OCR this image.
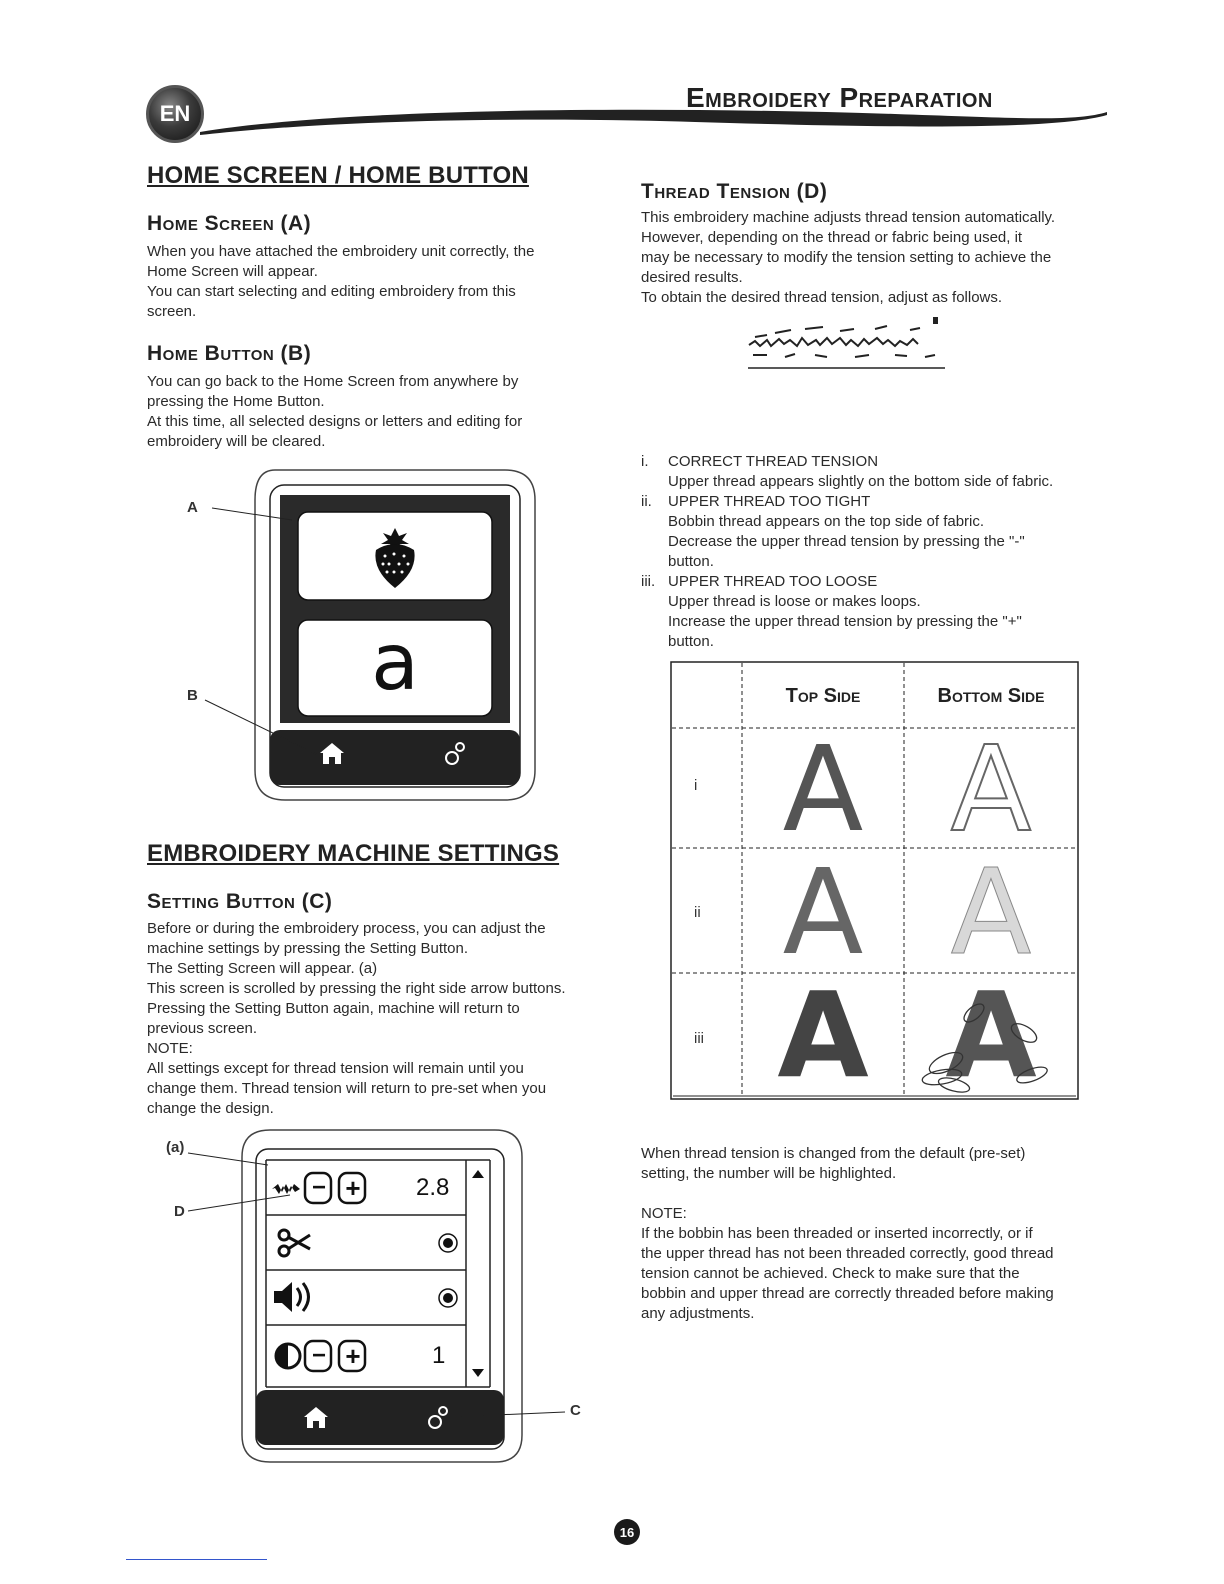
EN
Embroidery Preparation
HOME SCREEN / HOME BUTTON
Home Screen (A)

When you have attached the embroidery unit correctly, the

Home Screen will appear.

You can start selecting and editing embroidery from this

screen.

Home Button (B)

You can go back to the Home Screen from anywhere by

pressing the Home Button.

At this time, all selected designs or letters and editing for

embroidery will be cleared.

A
B	a
EMBROIDERY MACHINE SETTINGS
Setting Button (C)

Before or during the embroidery process, you can adjust the

machine settings by pressing the Setting Button.

The Setting Screen will appear. (a)

This screen is scrolled by pressing the right side arrow buttons.

Pressing the Setting Button again, machine will return to

previous screen.

NOTE:

All settings except for thread tension will remain until you

change them. Thread tension will return to pre-set when you

change the design.

− +
− +
2.8
1
(a)
D
C
Thread Tension (D)

This embroidery machine adjusts thread tension automatically.

However, depending on the thread or fabric being used, it

may be necessary to modify the tension setting to achieve the

desired results.

To obtain the desired thread tension, adjust as follows.

i. CORRECT THREAD TENSION
Upper thread appears slightly on the bottom side of fabric.
ii. UPPER THREAD TOO TIGHT
Bobbin thread appears on the top side of fabric.
Decrease the upper thread tension by pressing the "-"
button.
iii. UPPER THREAD TOO LOOSE
Upper thread is loose or makes loops.
Increase the upper thread tension by pressing the "+"
button.
Top Side	Bottom Side
i
ii
iii
A A
A A
A A

When thread tension is changed from the default (pre-set)

setting, the number will be highlighted.

NOTE:

If the bobbin has been threaded or inserted incorrectly, or if

the upper thread has not been threaded correctly, good thread

tension cannot be achieved. Check to make sure that the

bobbin and upper thread are correctly threaded before making

any adjustments.

16
